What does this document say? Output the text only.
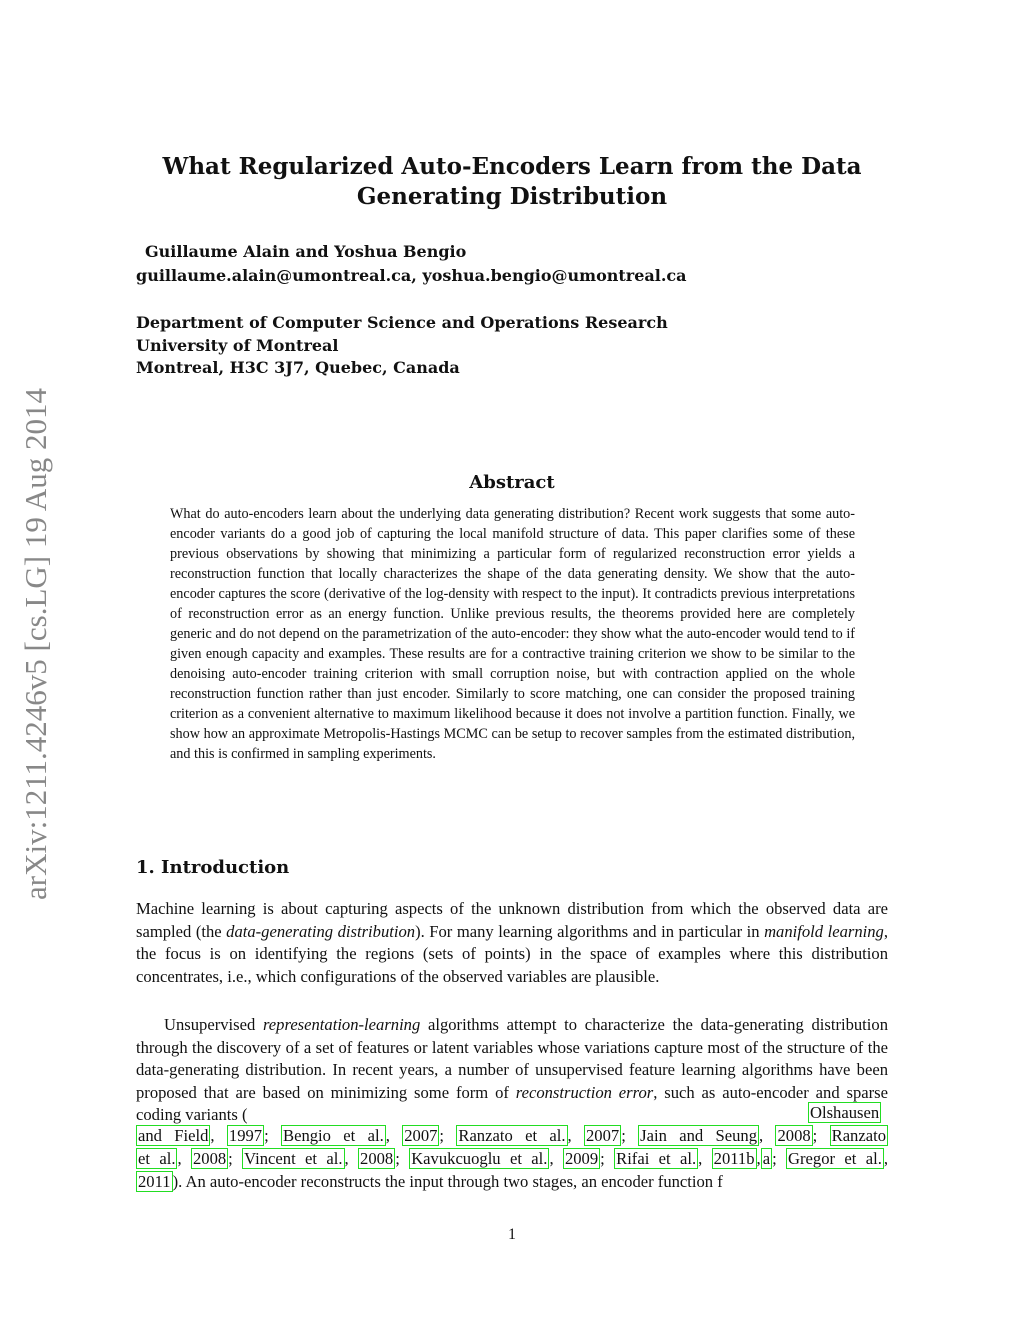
arXiv:1211.4246v5 [cs.LG] 19 Aug 2014
What Regularized Auto-Encoders Learn from the Data Generating Distribution
Guillaume Alain and Yoshua Bengio
guillaume.alain@umontreal.ca, yoshua.bengio@umontreal.ca
Department of Computer Science and Operations Research
University of Montreal
Montreal, H3C 3J7, Quebec, Canada
Abstract
What do auto-encoders learn about the underlying data generating distribution? Recent work suggests that some auto-encoder variants do a good job of capturing the local manifold structure of data. This paper clarifies some of these previous observations by showing that minimizing a particular form of regularized reconstruction error yields a reconstruction function that locally characterizes the shape of the data generating density. We show that the auto-encoder captures the score (derivative of the log-density with respect to the input). It contradicts previous interpretations of reconstruction error as an energy function. Unlike previous results, the theorems provided here are completely generic and do not depend on the parametrization of the auto-encoder: they show what the auto-encoder would tend to if given enough capacity and examples. These results are for a contractive training criterion we show to be similar to the denoising auto-encoder training criterion with small corruption noise, but with contraction applied on the whole reconstruction function rather than just encoder. Similarly to score matching, one can consider the proposed training criterion as a convenient alternative to maximum likelihood because it does not involve a partition function. Finally, we show how an approximate Metropolis-Hastings MCMC can be setup to recover samples from the estimated distribution, and this is confirmed in sampling experiments.
1. Introduction
Machine learning is about capturing aspects of the unknown distribution from which the observed data are sampled (the data-generating distribution). For many learning algorithms and in particular in manifold learning, the focus is on identifying the regions (sets of points) in the space of examples where this distribution concentrates, i.e., which configurations of the observed variables are plausible.
Unsupervised representation-learning algorithms attempt to characterize the data-generating distribution through the discovery of a set of features or latent variables whose variations capture most of the structure of the data-generating distribution. In recent years, a number of unsupervised feature learning algorithms have been proposed that are based on minimizing some form of reconstruction error, such as auto-encoder and sparse coding variants (	Olshausen
and Field , 1997 ; Bengio et al. , 2007 ; Ranzato et al. , 2007 ; Jain and Seung , 2008 ; Ranzato
et al. , 2008 ; Vincent et al. , 2008 ; Kavukcuoglu et al. , 2009 ; Rifai et al. , 2011b , a ; Gregor et al. ,
2011 ). An auto-encoder reconstructs the input through two stages, an encoder function f
1
